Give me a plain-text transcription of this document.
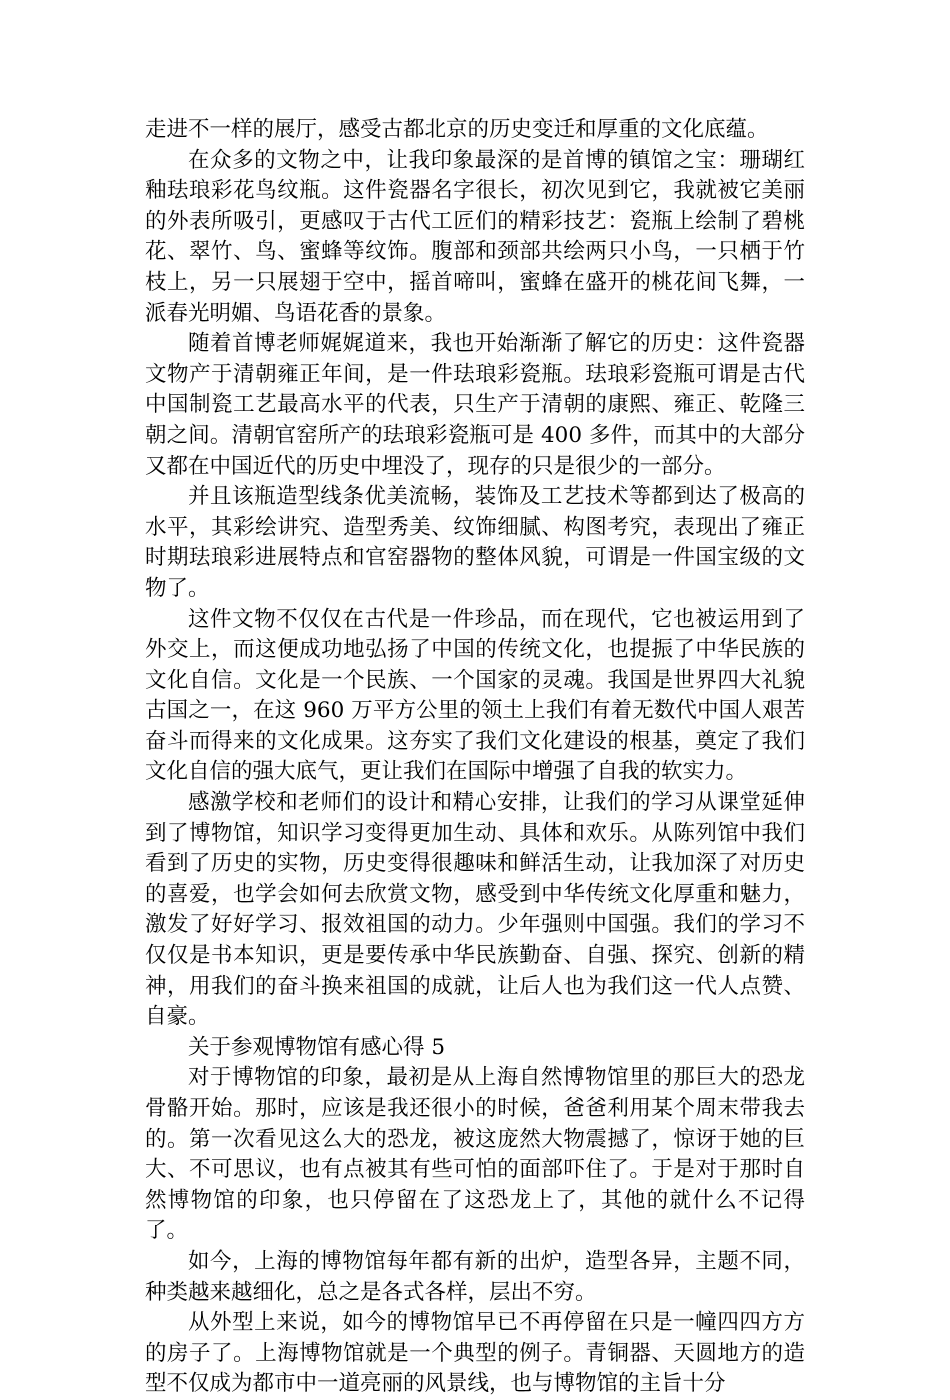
走进不一样的展厅，感受古都北京的历史变迁和厚重的文化底蕴。

在众多的文物之中，让我印象最深的是首博的镇馆之宝：珊瑚红釉珐琅彩花鸟纹瓶。这件瓷器名字很长，初次见到它，我就被它美丽的外表所吸引，更感叹于古代工匠们的精彩技艺：瓷瓶上绘制了碧桃花、翠竹、鸟、蜜蜂等纹饰。腹部和颈部共绘两只小鸟，一只栖于竹枝上，另一只展翅于空中，摇首啼叫，蜜蜂在盛开的桃花间飞舞，一派春光明媚、鸟语花香的景象。

随着首博老师娓娓道来，我也开始渐渐了解它的历史：这件瓷器文物产于清朝雍正年间，是一件珐琅彩瓷瓶。珐琅彩瓷瓶可谓是古代中国制瓷工艺最高水平的代表，只生产于清朝的康熙、雍正、乾隆三朝之间。清朝官窑所产的珐琅彩瓷瓶可是 400 多件，而其中的大部分又都在中国近代的历史中埋没了，现存的只是很少的一部分。

并且该瓶造型线条优美流畅，装饰及工艺技术等都到达了极高的水平，其彩绘讲究、造型秀美、纹饰细腻、构图考究，表现出了雍正时期珐琅彩进展特点和官窑器物的整体风貌，可谓是一件国宝级的文物了。

这件文物不仅仅在古代是一件珍品，而在现代，它也被运用到了外交上，而这便成功地弘扬了中国的传统文化，也提振了中华民族的文化自信。文化是一个民族、一个国家的灵魂。我国是世界四大礼貌古国之一，在这 960 万平方公里的领土上我们有着无数代中国人艰苦奋斗而得来的文化成果。这夯实了我们文化建设的根基，奠定了我们文化自信的强大底气，更让我们在国际中增强了自我的软实力。

感激学校和老师们的设计和精心安排，让我们的学习从课堂延伸到了博物馆，知识学习变得更加生动、具体和欢乐。从陈列馆中我们看到了历史的实物，历史变得很趣味和鲜活生动，让我加深了对历史的喜爱，也学会如何去欣赏文物，感受到中华传统文化厚重和魅力，激发了好好学习、报效祖国的动力。少年强则中国强。我们的学习不仅仅是书本知识，更是要传承中华民族勤奋、自强、探究、创新的精神，用我们的奋斗换来祖国的成就，让后人也为我们这一代人点赞、自豪。

关于参观博物馆有感心得 5

对于博物馆的印象，最初是从上海自然博物馆里的那巨大的恐龙骨骼开始。那时，应该是我还很小的时候，爸爸利用某个周末带我去的。第一次看见这么大的恐龙，被这庞然大物震撼了，惊讶于她的巨大、不可思议，也有点被其有些可怕的面部吓住了。于是对于那时自然博物馆的印象，也只停留在了这恐龙上了，其他的就什么不记得了。

如今，上海的博物馆每年都有新的出炉，造型各异，主题不同，种类越来越细化，总之是各式各样，层出不穷。

从外型上来说，如今的博物馆早已不再停留在只是一幢四四方方的房子了。上海博物馆就是一个典型的例子。青铜器、天圆地方的造型不仅成为都市中一道亮丽的风景线，也与博物馆的主旨十分
